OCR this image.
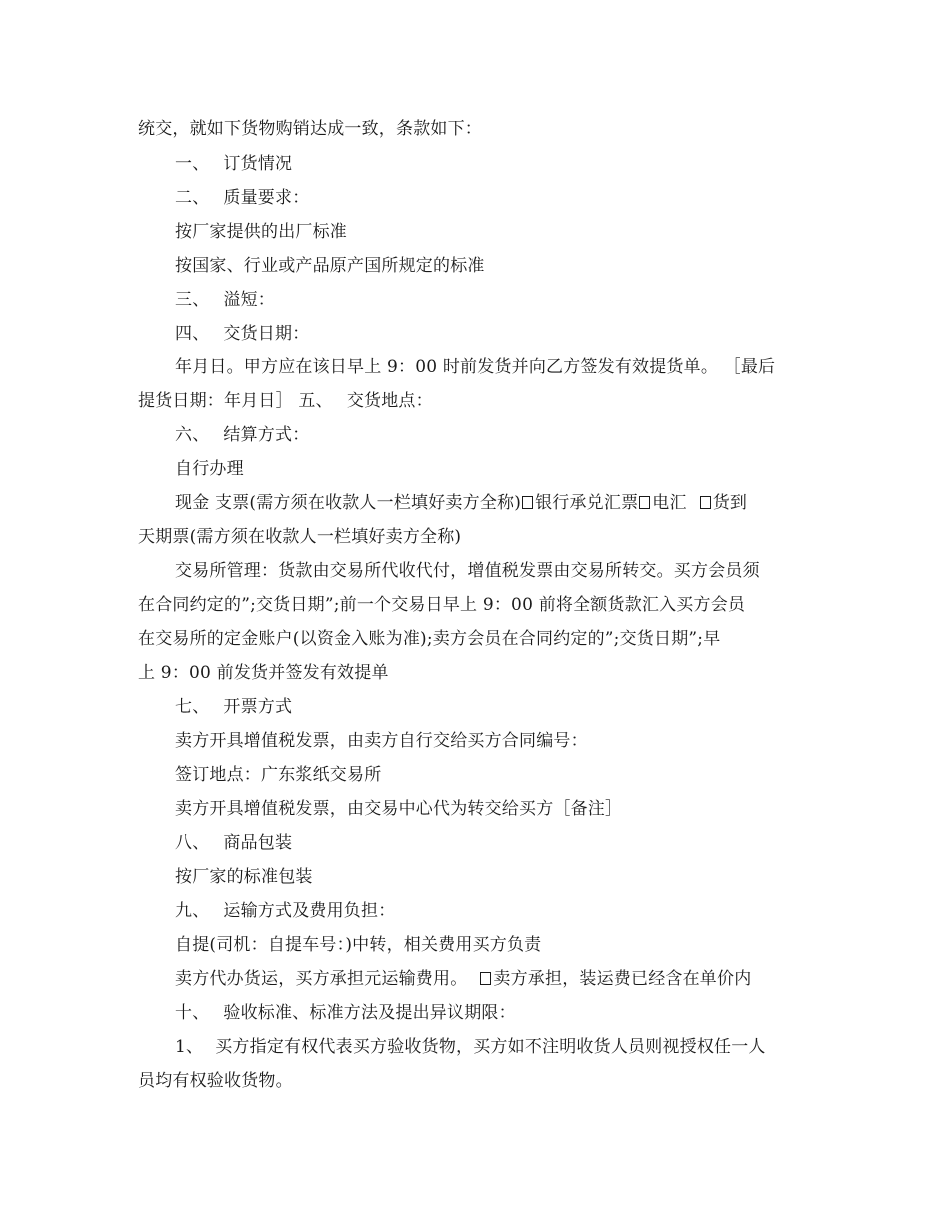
统交，就如下货物购销达成一致，条款如下：
一、 订货情况
二、 质量要求：
按厂家提供的出厂标准
按国家、行业或产品原产国所规定的标准
三、 溢短：
四、 交货日期：
年月日。甲方应在该日早上 9：00 时前发货并向乙方签发有效提货单。 ［最后
提货日期：年月日］ 五、 交货地点：
六、 结算方式：
自行办理
现金 支票(需方须在收款人一栏填好卖方全称) 银行承兑汇票 电汇 货到
天期票(需方须在收款人一栏填好卖方全称)
交易所管理：货款由交易所代收代付，增值税发票由交易所转交。买方会员须
在合同约定的”;交货日期”;前一个交易日早上 9：00 前将全额货款汇入买方会员
在交易所的定金账户(以资金入账为准);卖方会员在合同约定的”;交货日期”;早
上 9：00 前发货并签发有效提单
七、 开票方式
卖方开具增值税发票，由卖方自行交给买方合同编号：
签订地点：广东浆纸交易所
卖方开具增值税发票，由交易中心代为转交给买方［备注］
八、 商品包装
按厂家的标准包装
九、 运输方式及费用负担：
自提(司机：自提车号：)中转，相关费用买方负责
卖方代办货运，买方承担元运输费用。 卖方承担，装运费已经含在单价内
十、 验收标准、标准方法及提出异议期限：
1、 买方指定有权代表买方验收货物，买方如不注明收货人员则视授权任一人
员均有权验收货物。
